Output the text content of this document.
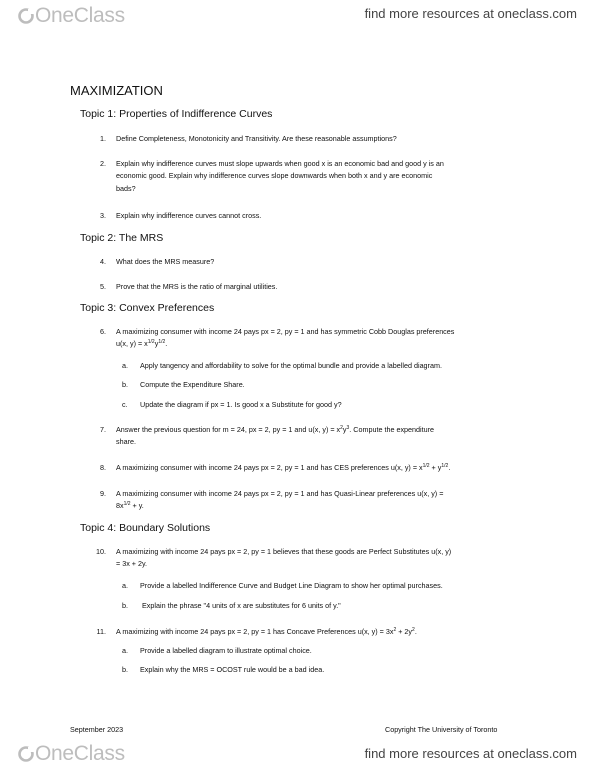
OneClass	find more resources at oneclass.com
MAXIMIZATION
Topic 1: Properties of Indifference Curves
1. Define Completeness, Monotonicity and Transitivity. Are these reasonable assumptions?
2. Explain why indifference curves must slope upwards when good x is an economic bad and good y is an
economic good. Explain why indifference curves slope downwards when both x and y are economic
bads?
3. Explain why indifference curves cannot cross.
Topic 2: The MRS
4. What does the MRS measure?
5. Prove that the MRS is the ratio of marginal utilities.
Topic 3: Convex Preferences
6. A maximizing consumer with income 24 pays px = 2, py = 1 and has symmetric Cobb Douglas preferences
u(x, $y) = x^{1/2}y^{1/2}$.
a. Apply tangency and affordability to solve for the optimal bundle and provide a labelled diagram.
b. Compute the Expenditure Share.
c. Update the diagram if px = 1. Is good x a Substitute for good y?
7. Answer the previous question for m = 24, px = 2, py = 1 and u(x, $y) = x^2y^3$. Compute the expenditure
share.
8. A maximizing consumer with income 24 pays px = 2, py = 1 and has CES preferences u(x, $y) = x^{1/2} + y^{1/2}$.
9. A maximizing consumer with income 24 pays px = 2, py = 1 and has Quasi-Linear preferences u(x, y) =
$8x^{1/2} + y$.
Topic 4: Boundary Solutions
10. A maximizing with income 24 pays px = 2, py = 1 believes that these goods are Perfect Substitutes u(x, y)
= 3x + 2y.
a. Provide a labelled Indifference Curve and Budget Line Diagram to show her optimal purchases.
b. Explain the phrase "4 units of x are substitutes for 6 units of y."
11. A maximizing with income 24 pays px = 2, py = 1 has Concave Preferences u(x, $y) = 3x^2 + 2y^2$.
a. Provide a labelled diagram to illustrate optimal choice.
b. Explain why the MRS = OCOST rule would be a bad idea.
September 2023	Copyright The University of Toronto
OneClass	find more resources at oneclass.com
